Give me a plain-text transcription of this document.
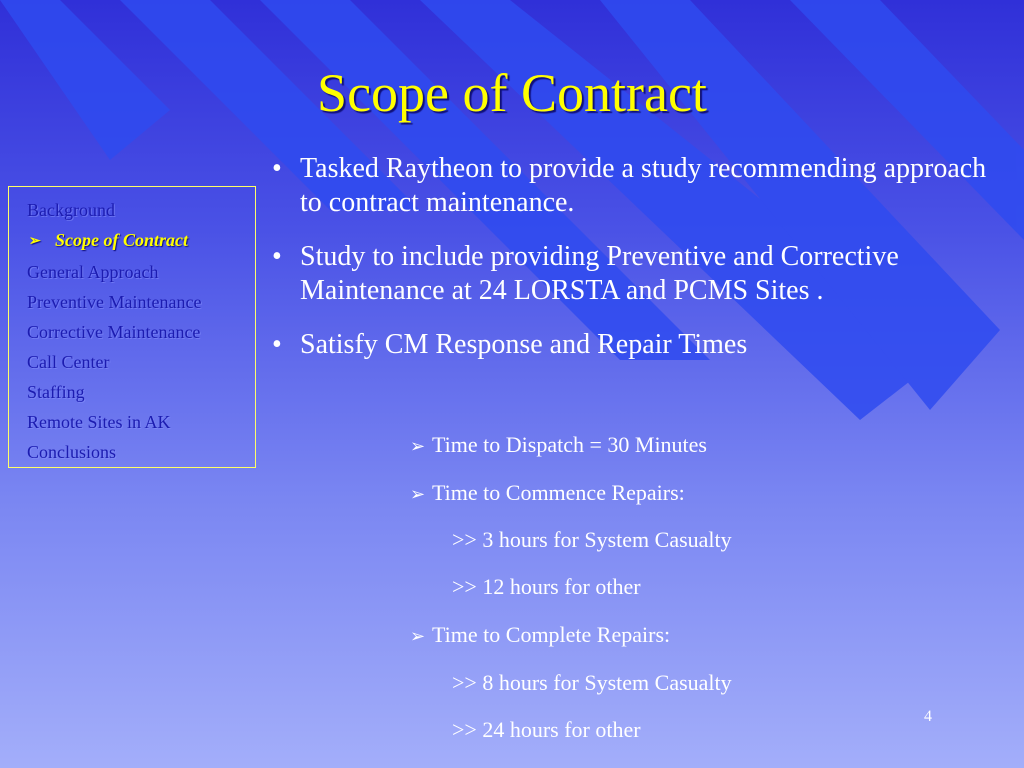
Scope of Contract
Background
➢ Scope of Contract
General Approach
Preventive Maintenance
Corrective Maintenance
Call Center
Staffing
Remote Sites in AK
Conclusions
• Tasked Raytheon to provide a study recommending approach to contract maintenance.
• Study to include providing Preventive and Corrective Maintenance at 24 LORSTA and PCMS Sites .
• Satisfy CM Response and Repair Times
➢ Time to Dispatch = 30 Minutes
➢ Time to Commence Repairs:
>> 3 hours for System Casualty
>> 12 hours for other
➢ Time to Complete Repairs:
>> 8 hours for System Casualty
>> 24 hours for other
4
